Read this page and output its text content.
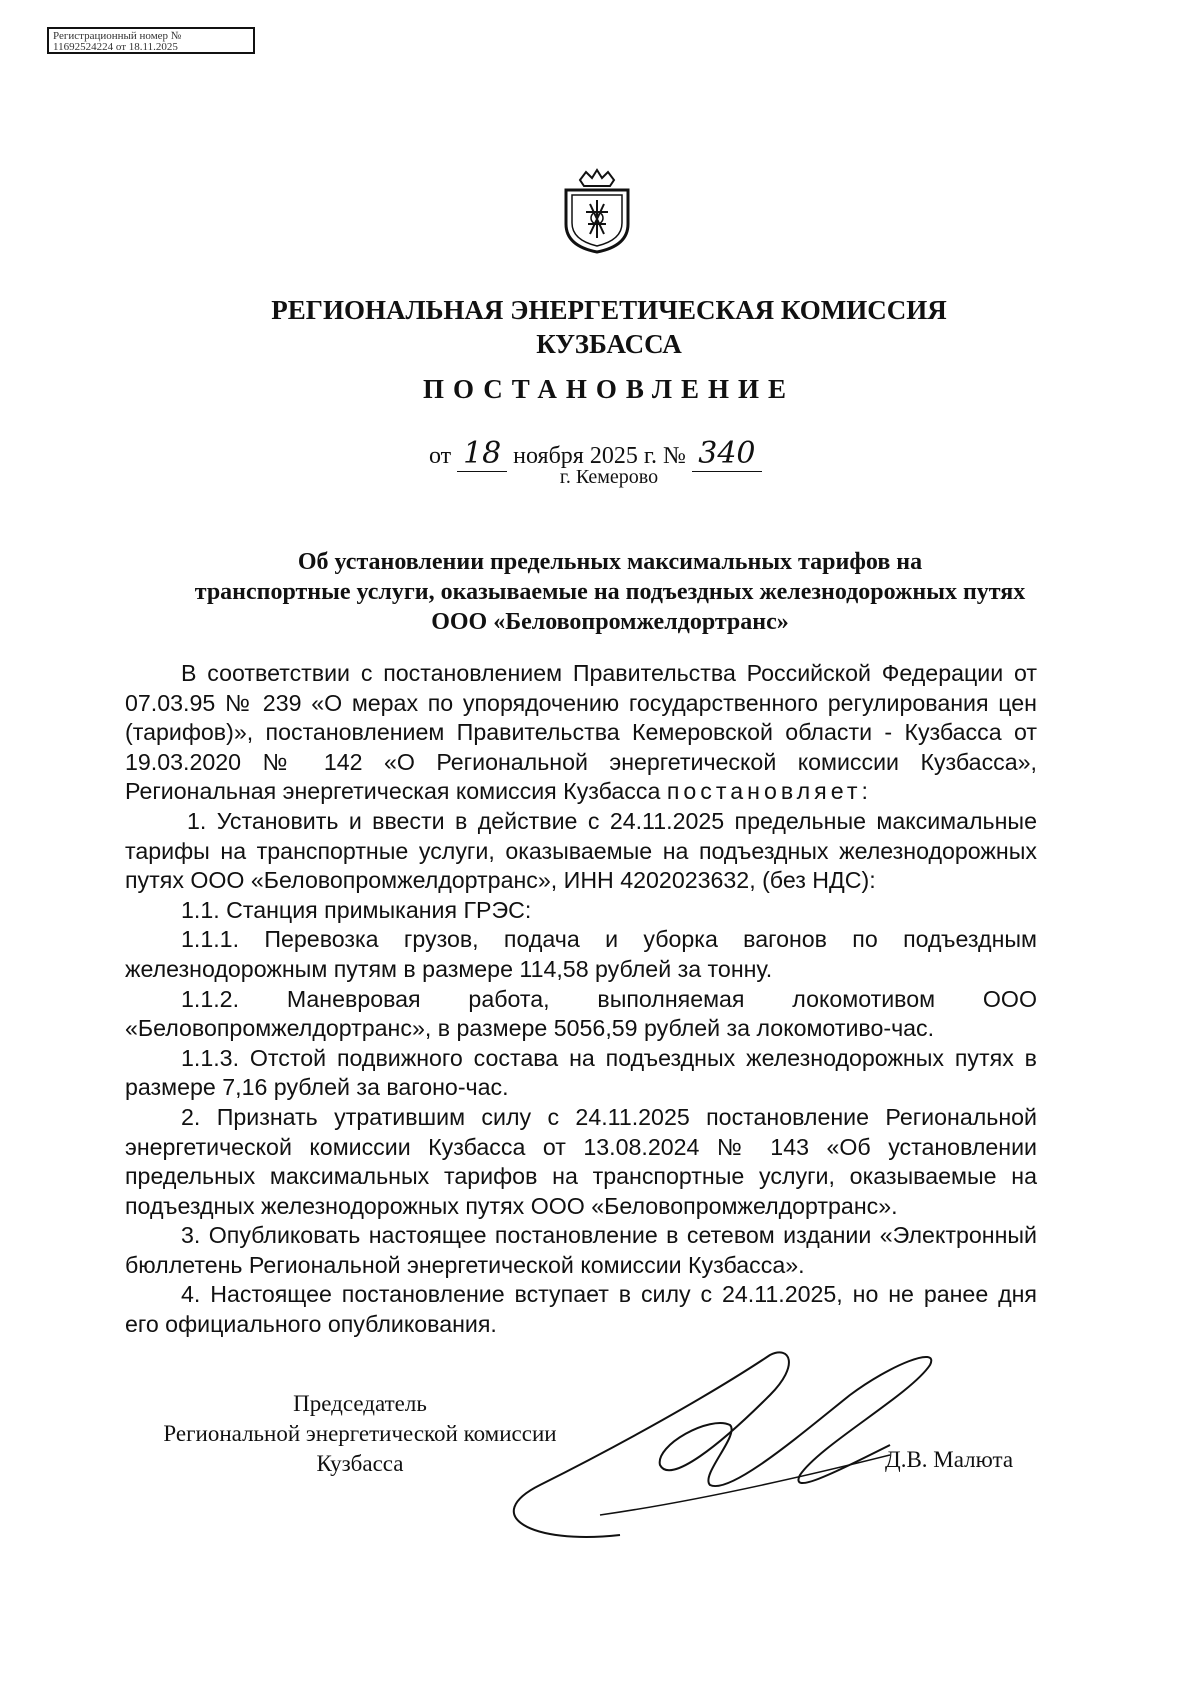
Регистрационный номер №
11692524224 от 18.11.2025
РЕГИОНАЛЬНАЯ ЭНЕРГЕТИЧЕСКАЯ КОМИССИЯ
КУЗБАССА
ПОСТАНОВЛЕНИЕ
от 18 ноября 2025 г. № 340
г. Кемерово
Об установлении предельных максимальных тарифов на
транспортные услуги, оказываемые на подъездных железнодорожных путях
ООО «Беловопромжелдортранс»

В соответствии с постановлением Правительства Российской Федерации от 07.03.95 № 239 «О мерах по упорядочению государственного регулирования цен (тарифов)», постановлением Правительства Кемеровской области - Кузбасса от 19.03.2020 № 142 «О Региональной энергетической комиссии Кузбасса», Региональная энергетическая комиссия Кузбасса постановляет:

1. Установить и ввести в действие с 24.11.2025 предельные максимальные тарифы на транспортные услуги, оказываемые на подъездных железнодорожных путях ООО «Беловопромжелдортранс», ИНН 4202023632, (без НДС):

1.1. Станция примыкания ГРЭС:

1.1.1. Перевозка грузов, подача и уборка вагонов по подъездным железнодорожным путям в размере 114,58 рублей за тонну.

1.1.2. Маневровая работа, выполняемая локомотивом ООО «Беловопромжелдортранс», в размере 5056,59 рублей за локомотиво-час.

1.1.3. Отстой подвижного состава на подъездных железнодорожных путях в размере 7,16 рублей за вагоно-час.

2. Признать утратившим силу с 24.11.2025 постановление Региональной энергетической комиссии Кузбасса от 13.08.2024 № 143 «Об установлении предельных максимальных тарифов на транспортные услуги, оказываемые на подъездных железнодорожных путях ООО «Беловопромжелдортранс».

3. Опубликовать настоящее постановление в сетевом издании «Электронный бюллетень Региональной энергетической комиссии Кузбасса».

4. Настоящее постановление вступает в силу с 24.11.2025, но не ранее дня его официального опубликования.

Председатель
Региональной энергетической комиссии
Кузбасса	Д.В. Малюта
